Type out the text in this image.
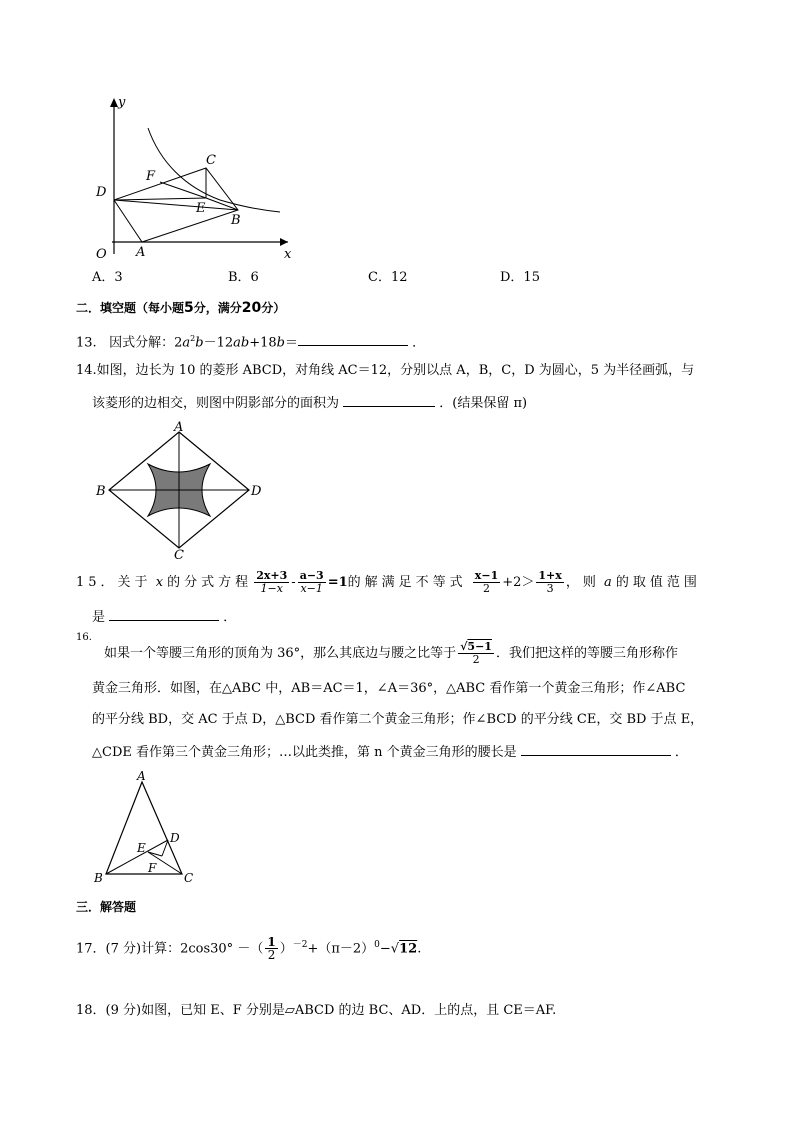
y
x
O A
B
C
D
E
F
A．3	B．6	C．12	D．15
二．填空题（每小题5分，满分20分）
13. 因式分解：$2a^2b-12ab+18b=$	．
14.如图，边长为 10 的菱形 ABCD，对角线 AC＝12，分别以点 A，B，C，D 为圆心，5 为半径画弧，与
该菱形的边相交，则图中阴影部分的面积为	．(结果保留 π)
A
B
C
D
15．关于 x 的分式方程 $\frac{2x+3}{1-x} - \frac{a-3}{x-1} =1$的解满足不等式 $\frac{x-1}{2} +2> \frac{1+x}{3}$ ，则 a 的取值范围
是	．
16.
如果一个等腰三角形的顶角为 36°，那么其底边与腰之比等于 $\frac{√5-1}{2}$ ．我们把这样的等腰三角形称作
黄金三角形．如图，在△ABC 中，AB＝AC＝1，∠A＝36°，△ABC 看作第一个黄金三角形；作∠ABC
的平分线 BD，交 AC 于点 D，△BCD 看作第二个黄金三角形；作∠BCD 的平分线 CE，交 BD 于点 E，
△CDE 看作第三个黄金三角形；…以此类推，第 n 个黄金三角形的腰长是	．
A
B	C
D
E
F
三．解答题
17．(7 分)计算：2cos30° －（ $\frac{1}{2} )^{-2}+(\pi-2)^0-√12$.
18．(9 分)如图，已知 E、F 分别是▱ABCD 的边 BC、AD．上的点，且 CE＝AF.
